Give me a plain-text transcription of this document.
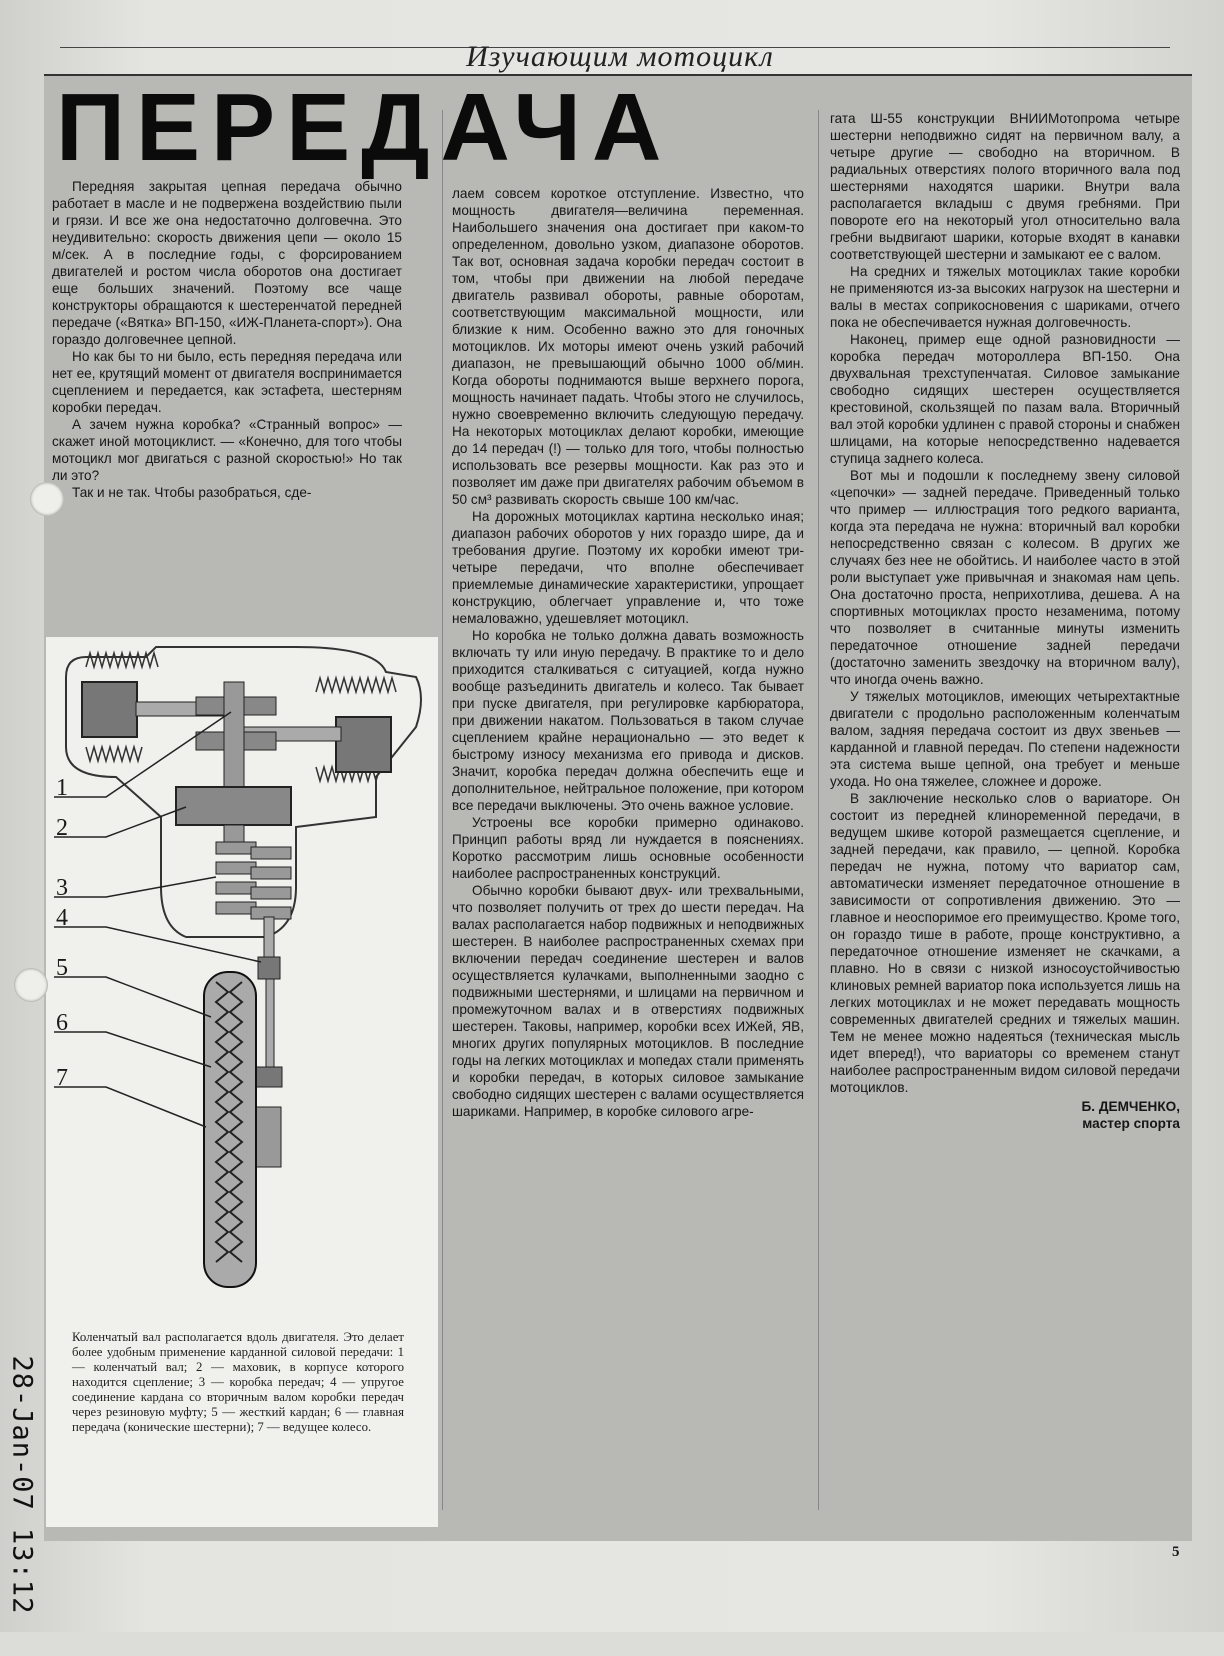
Изучающим мотоцикл
ПЕРЕДАЧА

Передняя закрытая цепная передача обычно работает в масле и не подвержена воздействию пыли и грязи. И все же она недостаточно долговечна. Это неудивительно: скорость движения цепи — около 15 м/сек. А в последние годы, с форсированием двигателей и ростом числа оборотов она достигает еще больших значений. Поэтому все чаще конструкторы обращаются к шестеренчатой передней передаче («Вятка» ВП-150, «ИЖ-Планета-спорт»). Она гораздо долговечнее цепной.

Но как бы то ни было, есть передняя передача или нет ее, крутящий момент от двигателя воспринимается сцеплением и передается, как эстафета, шестерням коробки передач.

А зачем нужна коробка? «Странный вопрос» — скажет иной мотоциклист. — «Конечно, для того чтобы мотоцикл мог двигаться с разной скоростью!» Но так ли это?

Так и не так. Чтобы разобраться, сде-

1
2
3
4
5
6
7
Коленчатый вал располагается вдоль двигателя. Это делает более удобным применение карданной силовой передачи: 1 — коленчатый вал; 2 — маховик, в корпусе которого находится сцепление; 3 — коробка передач; 4 — упругое соединение кардана со вторичным валом коробки передач через резиновую муфту; 5 — жесткий кардан; 6 — главная передача (конические шестерни); 7 — ведущее колесо.

лаем совсем короткое отступление. Известно, что мощность двигателя—величина переменная. Наибольшего значения она достигает при каком-то определенном, довольно узком, диапазоне оборотов. Так вот, основная задача коробки передач состоит в том, чтобы при движении на любой передаче двигатель развивал обороты, равные оборотам, соответствующим максимальной мощности, или близкие к ним. Особенно важно это для гоночных мотоциклов. Их моторы имеют очень узкий рабочий диапазон, не превышающий обычно 1000 об/мин. Когда обороты поднимаются выше верхнего порога, мощность начинает падать. Чтобы этого не случилось, нужно своевременно включить следующую передачу. На некоторых мотоциклах делают коробки, имеющие до 14 передач (!) — только для того, чтобы полностью использовать все резервы мощности. Как раз это и позволяет им даже при двигателях рабочим объемом в 50 см³ развивать скорость свыше 100 км/час.

На дорожных мотоциклах картина несколько иная; диапазон рабочих оборотов у них гораздо шире, да и требования другие. Поэтому их коробки имеют три-четыре передачи, что вполне обеспечивает приемлемые динамические характеристики, упрощает конструкцию, облегчает управление и, что тоже немаловажно, удешевляет мотоцикл.

Но коробка не только должна давать возможность включать ту или иную передачу. В практике то и дело приходится сталкиваться с ситуацией, когда нужно вообще разъединить двигатель и колесо. Так бывает при пуске двигателя, при регулировке карбюратора, при движении накатом. Пользоваться в таком случае сцеплением крайне нерационально — это ведет к быстрому износу механизма его привода и дисков. Значит, коробка передач должна обеспечить еще и дополнительное, нейтральное положение, при котором все передачи выключены. Это очень важное условие.

Устроены все коробки примерно одинаково. Принцип работы вряд ли нуждается в пояснениях. Коротко рассмотрим лишь основные особенности наиболее распространенных конструкций.

Обычно коробки бывают двух- или трехвальными, что позволяет получить от трех до шести передач. На валах располагается набор подвижных и неподвижных шестерен. В наиболее распространенных схемах при включении передач соединение шестерен и валов осуществляется кулачками, выполненными заодно с подвижными шестернями, и шлицами на первичном и промежуточном валах и в отверстиях подвижных шестерен. Таковы, например, коробки всех ИЖей, ЯВ, многих других популярных мотоциклов. В последние годы на легких мотоциклах и мопедах стали применять и коробки передач, в которых силовое замыкание свободно сидящих шестерен с валами осуществляется шариками. Например, в коробке силового агре-

гата Ш-55 конструкции ВНИИМотопрома четыре шестерни неподвижно сидят на первичном валу, а четыре другие — свободно на вторичном. В радиальных отверстиях полого вторичного вала под шестернями находятся шарики. Внутри вала располагается вкладыш с двумя гребнями. При повороте его на некоторый угол относительно вала гребни выдвигают шарики, которые входят в канавки соответствующей шестерни и замыкают ее с валом.

На средних и тяжелых мотоциклах такие коробки не применяются из-за высоких нагрузок на шестерни и валы в местах соприкосновения с шариками, отчего пока не обеспечивается нужная долговечность.

Наконец, пример еще одной разновидности — коробка передач мотороллера ВП-150. Она двухвальная трехступенчатая. Силовое замыкание свободно сидящих шестерен осуществляется крестовиной, скользящей по пазам вала. Вторичный вал этой коробки удлинен с правой стороны и снабжен шлицами, на которые непосредственно надевается ступица заднего колеса.

Вот мы и подошли к последнему звену силовой «цепочки» — задней передаче. Приведенный только что пример — иллюстрация того редкого варианта, когда эта передача не нужна: вторичный вал коробки непосредственно связан с колесом. В других же случаях без нее не обойтись. И наиболее часто в этой роли выступает уже привычная и знакомая нам цепь. Она достаточно проста, неприхотлива, дешева. А на спортивных мотоциклах просто незаменима, потому что позволяет в считанные минуты изменить передаточное отношение задней передачи (достаточно заменить звездочку на вторичном валу), что иногда очень важно.

У тяжелых мотоциклов, имеющих четырехтактные двигатели с продольно расположенным коленчатым валом, задняя передача состоит из двух звеньев — карданной и главной передач. По степени надежности эта система выше цепной, она требует и меньше ухода. Но она тяжелее, сложнее и дороже.

В заключение несколько слов о вариаторе. Он состоит из передней клиноременной передачи, в ведущем шкиве которой размещается сцепление, и задней передачи, как правило, — цепной. Коробка передач не нужна, потому что вариатор сам, автоматически изменяет передаточное отношение в зависимости от сопротивления движению. Это — главное и неоспоримое его преимущество. Кроме того, он гораздо тише в работе, проще конструктивно, а передаточное отношение изменяет не скачками, а плавно. Но в связи с низкой износоустойчивостью клиновых ремней вариатор пока используется лишь на легких мотоциклах и не может передавать мощность современных двигателей средних и тяжелых машин. Тем не менее можно надеяться (техническая мысль идет вперед!), что вариаторы со временем станут наиболее распространенным видом силовой передачи мотоциклов.

Б. ДЕМЧЕНКО,
мастер спорта
5
28-Jan-07 13:12
